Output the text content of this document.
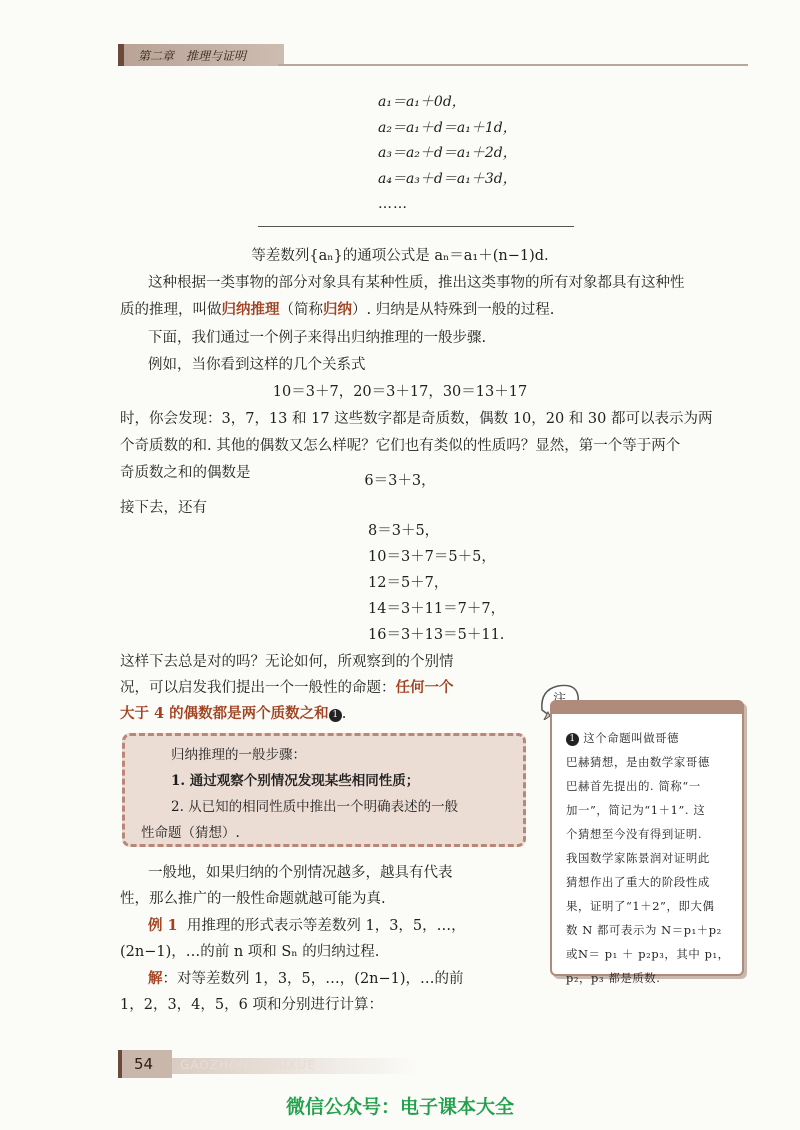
第二章　推理与证明
a₁＝a₁＋0d，
a₂＝a₁＋d＝a₁＋1d，
a₃＝a₂＋d＝a₁＋2d，
a₄＝a₃＋d＝a₁＋3d，
……
等差数列{aₙ}的通项公式是 aₙ＝a₁＋(n−1)d.
这种根据一类事物的部分对象具有某种性质，推出这类事物的所有对象都具有这种性
质的推理，叫做归纳推理（简称归纳）. 归纳是从特殊到一般的过程.
下面，我们通过一个例子来得出归纳推理的一般步骤.
例如，当你看到这样的几个关系式
10＝3＋7，20＝3＋17，30＝13＋17
时，你会发现：3，7，13 和 17 这些数字都是奇质数，偶数 10，20 和 30 都可以表示为两
个奇质数的和. 其他的偶数又怎么样呢？它们也有类似的性质吗？显然，第一个等于两个
奇质数之和的偶数是	6＝3＋3，
接下去，还有
8＝3＋5，
10＝3＋7＝5＋5，
12＝5＋7，
14＝3＋11＝7＋7，
16＝3＋13＝5＋11.
这样下去总是对的吗？无论如何，所观察到的个别情
况，可以启发我们提出一个一般性的命题：任何一个
大于 4 的偶数都是两个质数之和 1 .
1 这个命题叫做哥德
巴赫猜想，是由数学家哥德
巴赫首先提出的. 简称“一
加一”，简记为“1＋1”. 这
个猜想至今没有得到证明.
我国数学家陈景润对证明此
猜想作出了重大的阶段性成
果，证明了“1＋2”，即大偶
数 N 都可表示为 N＝p₁＋p₂
或N＝ p₁ ＋ p₂p₃，其中 p₁，
p₂，p₃ 都是质数.
归纳推理的一般步骤：
1. 通过观察个别情况发现某些相同性质；
2. 从已知的相同性质中推出一个明确表述的一般
性命题（猜想）.
一般地，如果归纳的个别情况越多，越具有代表
性，那么推广的一般性命题就越可能为真.
例 1 用推理的形式表示等差数列 1，3，5，…，
(2n−1)，…的前 n 项和 Sₙ 的归纳过程.
解：对等差数列 1，3，5，…，(2n−1)，…的前
1，2，3，4，5，6 项和分别进行计算：
GAOZHONGSHUXUE
54
微信公众号：电子课本大全
